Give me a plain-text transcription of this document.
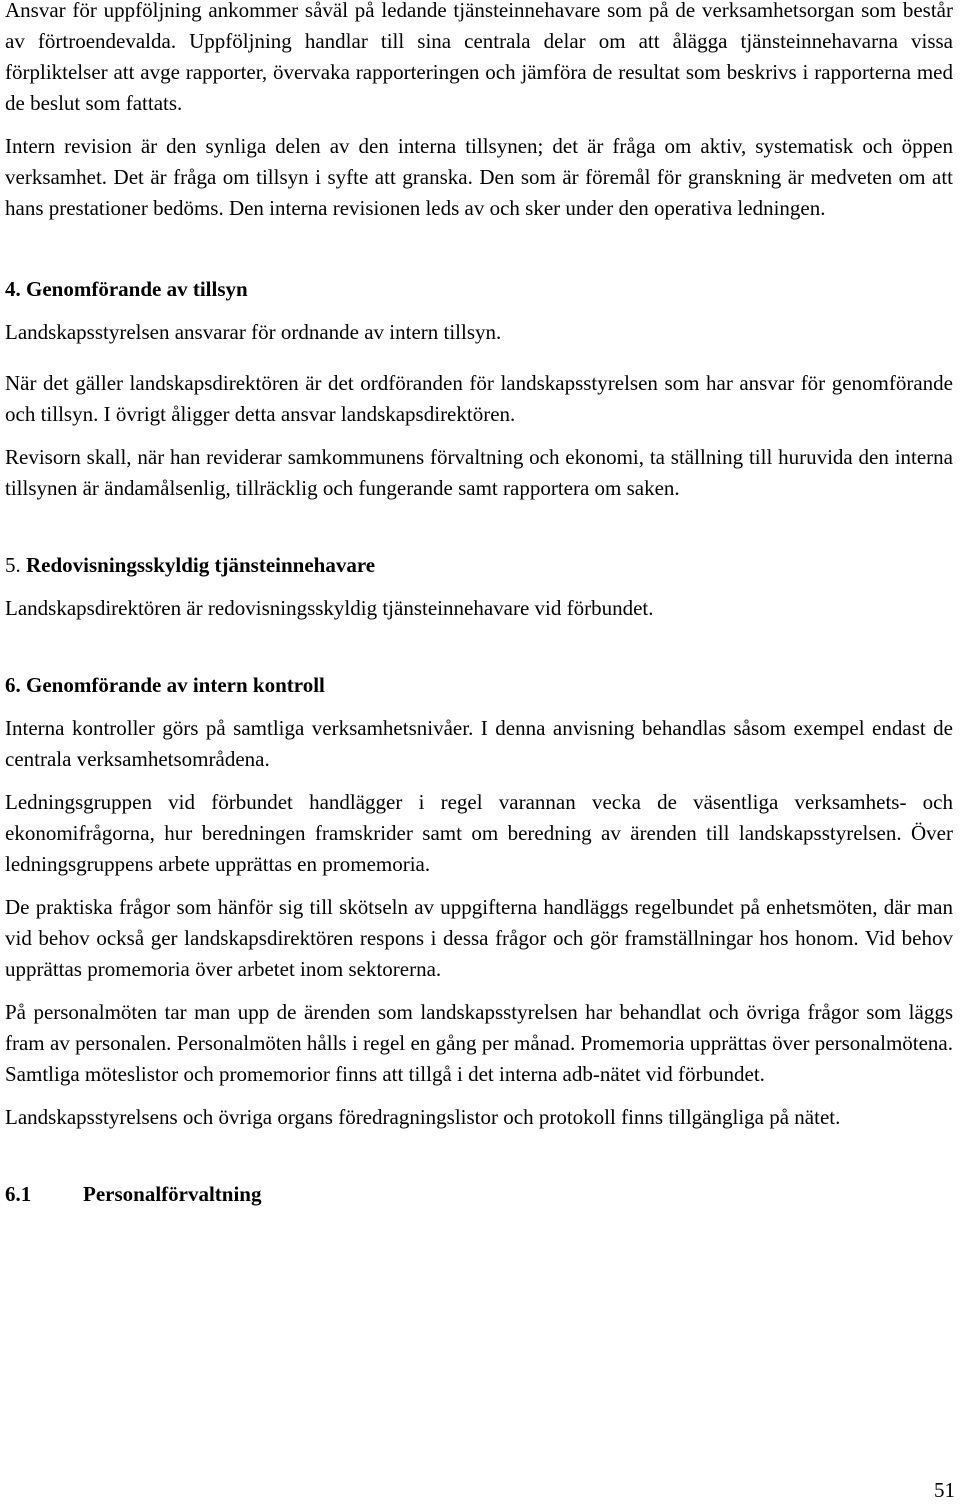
Ansvar för uppföljning ankommer såväl på ledande tjänsteinnehavare som på de verksamhetsorgan som består av förtroendevalda. Uppföljning handlar till sina centrala delar om att ålägga tjänsteinnehavarna vissa förpliktelser att avge rapporter, övervaka rapporteringen och jämföra de resultat som beskrivs i rapporterna med de beslut som fattats.

Intern revision är den synliga delen av den interna tillsynen; det är fråga om aktiv, systematisk och öppen verksamhet. Det är fråga om tillsyn i syfte att granska. Den som är föremål för granskning är medveten om att hans prestationer bedöms. Den interna revisionen leds av och sker under den operativa ledningen.

4. Genomförande av tillsyn

Landskapsstyrelsen ansvarar för ordnande av intern tillsyn.

När det gäller landskapsdirektören är det ordföranden för landskapsstyrelsen som har ansvar för genomförande och tillsyn. I övrigt åligger detta ansvar landskapsdirektören.

Revisorn skall, när han reviderar samkommunens förvaltning och ekonomi, ta ställning till huruvida den interna tillsynen är ändamålsenlig, tillräcklig och fungerande samt rapportera om saken.

5. Redovisningsskyldig tjänsteinnehavare

Landskapsdirektören är redovisningsskyldig tjänsteinnehavare vid förbundet.

6. Genomförande av intern kontroll

Interna kontroller görs på samtliga verksamhetsnivåer. I denna anvisning behandlas såsom exempel endast de centrala verksamhetsområdena.

Ledningsgruppen vid förbundet handlägger i regel varannan vecka de väsentliga verksamhets- och ekonomifrågorna, hur beredningen framskrider samt om beredning av ärenden till landskapsstyrelsen. Över ledningsgruppens arbete upprättas en promemoria.

De praktiska frågor som hänför sig till skötseln av uppgifterna handläggs regelbundet på enhetsmöten, där man vid behov också ger landskapsdirektören respons i dessa frågor och gör framställningar hos honom. Vid behov upprättas promemoria över arbetet inom sektorerna.

På personalmöten tar man upp de ärenden som landskapsstyrelsen har behandlat och övriga frågor som läggs fram av personalen. Personalmöten hålls i regel en gång per månad. Promemoria upprättas över personalmötena. Samtliga möteslistor och promemorior finns att tillgå i det interna adb-nätet vid förbundet.

Landskapsstyrelsens och övriga organs föredragningslistor och protokoll finns tillgängliga på nätet.

6.1	Personalförvaltning
51
